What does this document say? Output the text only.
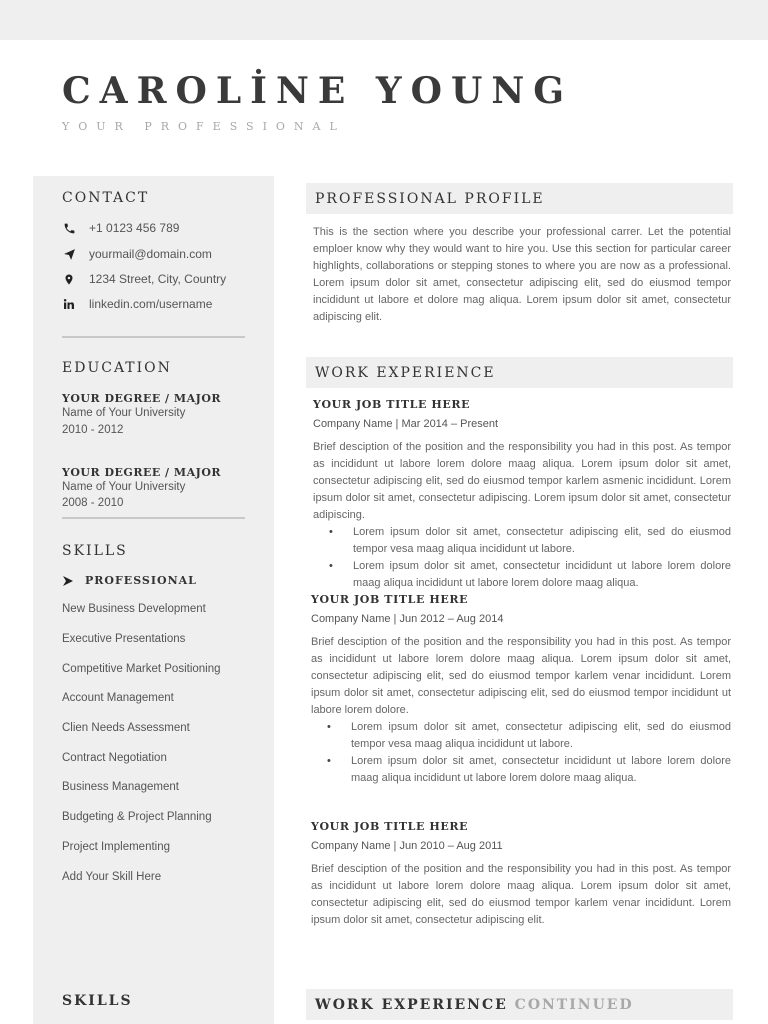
CAROLİNE YOUNG
YOUR PROFESSIONAL
CONTACT
+1 0123 456 789
yourmail@domain.com
1234 Street, City, Country
linkedin.com/username
EDUCATION
YOUR DEGREE / MAJOR
Name of Your University
2010 - 2012
YOUR DEGREE / MAJOR
Name of Your University
2008 - 2010
SKILLS
PROFESSIONAL
New Business Development
Executive Presentations
Competitive Market Positioning
Account Management
Clien Needs Assessment
Contract Negotiation
Business Management
Budgeting & Project Planning
Project Implementing
Add Your Skill Here
SKILLS
PROFESSIONAL PROFILE
This is the section where you describe your professional carrer. Let the potential emploer know why they would want to hire you. Use this section for particular career highlights, collaborations or stepping stones to where you are now as a professional. Lorem ipsum dolor sit amet, consectetur adipiscing elit, sed do eiusmod tempor incididunt ut labore et dolore mag aliqua. Lorem ipsum dolor sit amet, consectetur adipiscing elit.
WORK EXPERIENCE
YOUR JOB TITLE HERE
Company Name | Mar 2014 – Present
Brief desciption of the position and the responsibility you had in this post. As tempor as incididunt ut labore lorem dolore maag aliqua. Lorem ipsum dolor sit amet, consectetur adipiscing elit, sed do eiusmod tempor karlem asmenic incididunt. Lorem ipsum dolor sit amet, consectetur adipiscing. Lorem ipsum dolor sit amet, consectetur adipiscing.
• Lorem ipsum dolor sit amet, consectetur adipiscing elit, sed do eiusmod tempor vesa maag aliqua incididunt ut labore.
• Lorem ipsum dolor sit amet, consectetur incididunt ut labore lorem dolore maag aliqua incididunt ut labore lorem dolore maag aliqua.
YOUR JOB TITLE HERE
Company Name | Jun 2012 – Aug 2014
Brief desciption of the position and the responsibility you had in this post. As tempor as incididunt ut labore lorem dolore maag aliqua. Lorem ipsum dolor sit amet, consectetur adipiscing elit, sed do eiusmod tempor karlem venar incididunt. Lorem ipsum dolor sit amet, consectetur adipiscing elit, sed do eiusmod tempor incididunt ut labore lorem dolore.
• Lorem ipsum dolor sit amet, consectetur adipiscing elit, sed do eiusmod tempor vesa maag aliqua incididunt ut labore.
• Lorem ipsum dolor sit amet, consectetur incididunt ut labore lorem dolore maag aliqua incididunt ut labore lorem dolore maag aliqua.
YOUR JOB TITLE HERE
Company Name | Jun 2010 – Aug 2011
Brief desciption of the position and the responsibility you had in this post. As tempor as incididunt ut labore lorem dolore maag aliqua. Lorem ipsum dolor sit amet, consectetur adipiscing elit, sed do eiusmod tempor karlem venar incididunt. Lorem ipsum dolor sit amet, consectetur adipiscing elit.
WORK EXPERIENCE CONTINUED
